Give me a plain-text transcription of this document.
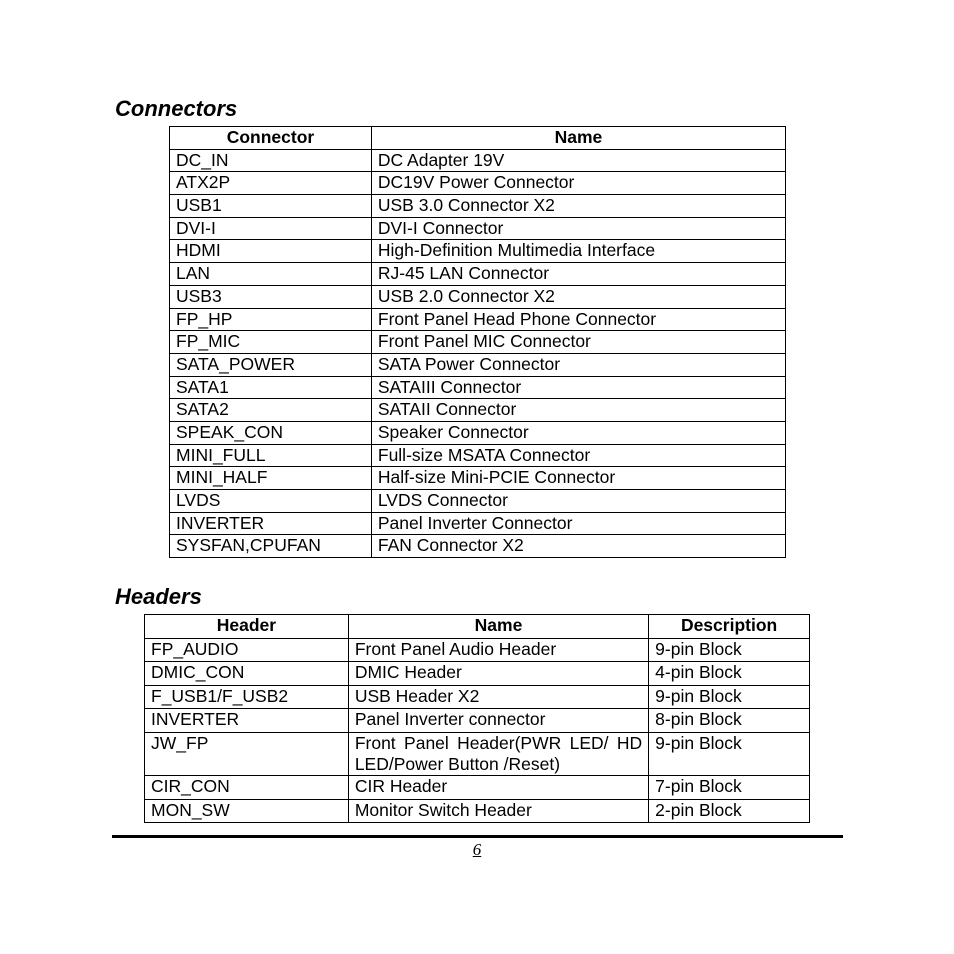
Connectors
Connector	Name
DC_IN	DC Adapter 19V
ATX2P	DC19V Power Connector
USB1	USB 3.0 Connector X2
DVI-I	DVI-I Connector
HDMI	High-Definition Multimedia Interface
LAN	RJ-45 LAN Connector
USB3	USB 2.0 Connector X2
FP_HP	Front Panel Head Phone Connector
FP_MIC	Front Panel MIC Connector
SATA_POWER	SATA Power Connector
SATA1	SATAIII Connector
SATA2	SATAII Connector
SPEAK_CON	Speaker Connector
MINI_FULL	Full-size MSATA Connector
MINI_HALF	Half-size Mini-PCIE Connector
LVDS	LVDS Connector
INVERTER	Panel Inverter Connector
SYSFAN,CPUFAN	FAN Connector X2
Headers
Header	Name	Description
FP_AUDIO	Front Panel Audio Header	9-pin Block
DMIC_CON	DMIC Header	4-pin Block
F_USB1/F_USB2	USB Header X2	9-pin Block
INVERTER	Panel Inverter connector	8-pin Block
JW_FP	Front Panel Header(PWR LED/ HD LED/Power Button /Reset)	9-pin Block
CIR_CON	CIR Header	7-pin Block
MON_SW	Monitor Switch Header	2-pin Block
6
